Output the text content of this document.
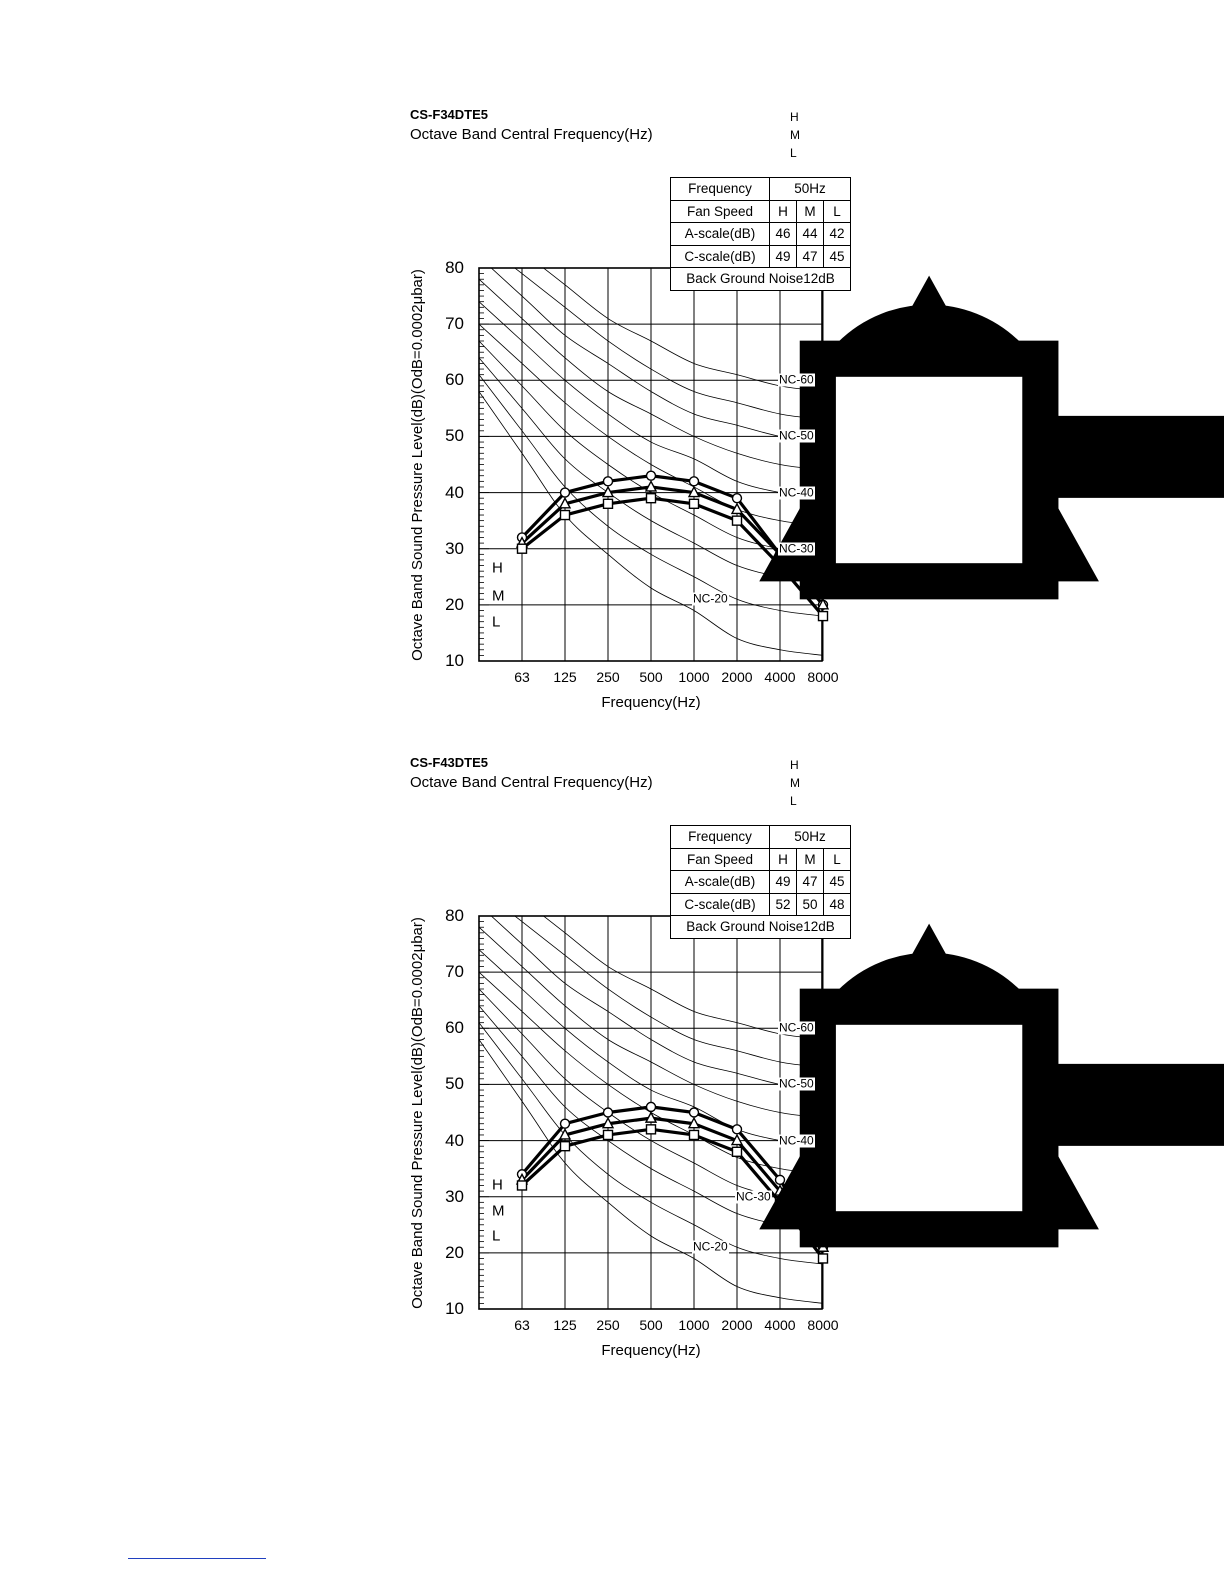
CS-F34DTE5
Octave Band Central Frequency(Hz)
H
M
L
Frequency	50Hz		
Fan Speed	H	M	L
A-scale(dB)	46	44	42
C-scale(dB)	49	47	45
Back Ground Noise12dB			
Octave Band Sound Pressure Level(dB)(OdB=0.0002μbar)
Frequency(Hz)
10
20
30
40
50
60
70
80
63 125 250 500 1000 2000 4000 8000
NC-60
NC-50
NC-40
NC-30
NC-20
H
M
L
CS-F43DTE5
Octave Band Central Frequency(Hz)
H
M
L
Frequency	50Hz		
Fan Speed	H	M	L
A-scale(dB)	49	47	45
C-scale(dB)	52	50	48
Back Ground Noise12dB			
Octave Band Sound Pressure Level(dB)(OdB=0.0002μbar)
Frequency(Hz)
10
20
30
40
50
60
70
80
63 125 250 500 1000 2000 4000 8000
NC-60
NC-50
NC-40
NC-30
NC-20
H
M
L
